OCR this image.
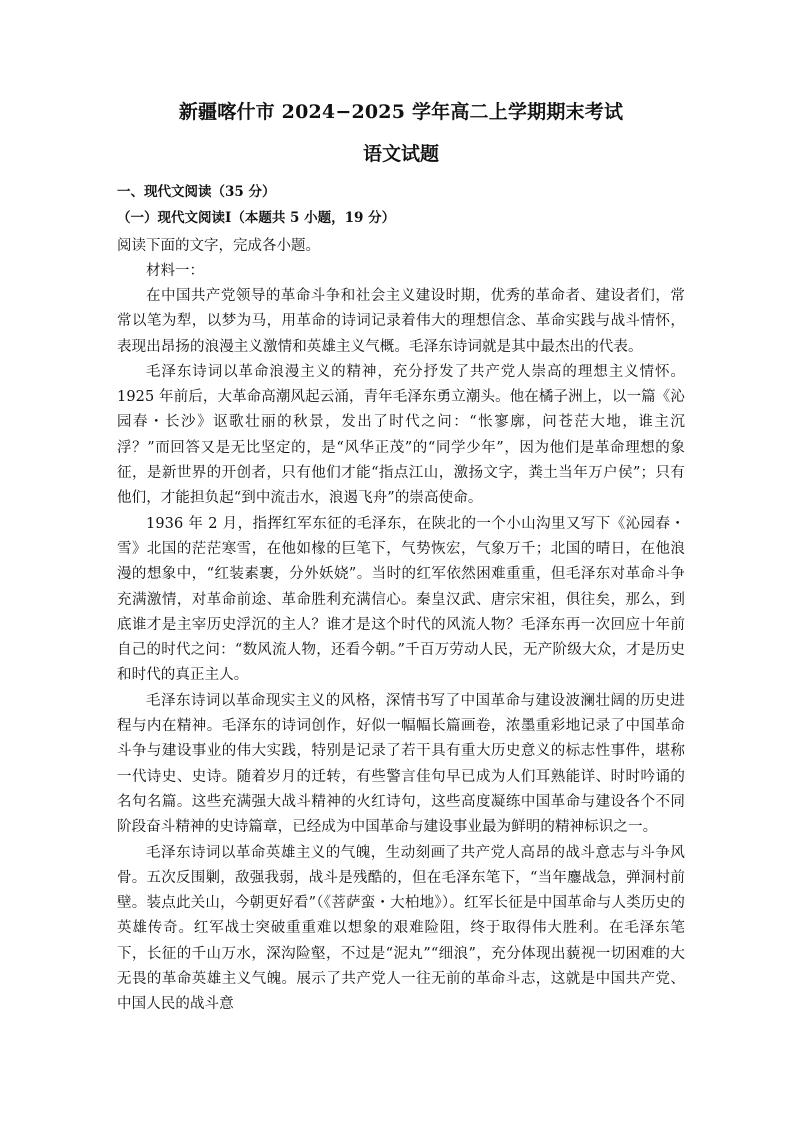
新疆喀什市 2024−2025 学年高二上学期期末考试
语文试题

一、现代文阅读（35 分）

（一）现代文阅读Ⅰ（本题共 5 小题，19 分）

阅读下面的文字，完成各小题。

材料一：

在中国共产党领导的革命斗争和社会主义建设时期，优秀的革命者、建设者们，常常以笔为犁，以梦为马，用革命的诗词记录着伟大的理想信念、革命实践与战斗情怀，表现出昂扬的浪漫主义激情和英雄主义气概。毛泽东诗词就是其中最杰出的代表。

毛泽东诗词以革命浪漫主义的精神，充分抒发了共产党人崇高的理想主义情怀。1925 年前后，大革命高潮风起云涌，青年毛泽东勇立潮头。他在橘子洲上，以一篇《沁园春・长沙》讴歌壮丽的秋景，发出了时代之问：“怅寥廓，问苍茫大地，谁主沉浮？”而回答又是无比坚定的，是“风华正茂”的“同学少年”，因为他们是革命理想的象征，是新世界的开创者，只有他们才能“指点江山，激扬文字，粪土当年万户侯”；只有他们，才能担负起“到中流击水，浪遏飞舟”的崇高使命。

1936 年 2 月，指挥红军东征的毛泽东，在陕北的一个小山沟里又写下《沁园春・雪》北国的茫茫寒雪，在他如椽的巨笔下，气势恢宏，气象万千；北国的晴日，在他浪漫的想象中，“红装素裹，分外妖娆”。当时的红军依然困难重重，但毛泽东对革命斗争充满激情，对革命前途、革命胜利充满信心。秦皇汉武、唐宗宋祖，俱往矣，那么，到底谁才是主宰历史浮沉的主人？谁才是这个时代的风流人物？毛泽东再一次回应十年前自己的时代之问：“数风流人物，还看今朝。”千百万劳动人民，无产阶级大众，才是历史和时代的真正主人。

毛泽东诗词以革命现实主义的风格，深情书写了中国革命与建设波澜壮阔的历史进程与内在精神。毛泽东的诗词创作，好似一幅幅长篇画卷，浓墨重彩地记录了中国革命斗争与建设事业的伟大实践，特别是记录了若干具有重大历史意义的标志性事件，堪称一代诗史、史诗。随着岁月的迁转，有些警言佳句早已成为人们耳熟能详、时时吟诵的名句名篇。这些充满强大战斗精神的火红诗句，这些高度凝练中国革命与建设各个不同阶段奋斗精神的史诗篇章，已经成为中国革命与建设事业最为鲜明的精神标识之一。

毛泽东诗词以革命英雄主义的气魄，生动刻画了共产党人高昂的战斗意志与斗争风骨。五次反围剿，敌强我弱，战斗是残酷的，但在毛泽东笔下，“当年鏖战急，弹洞村前壁。装点此关山，今朝更好看”（《菩萨蛮・大柏地》）。红军长征是中国革命与人类历史的英雄传奇。红军战士突破重重难以想象的艰难险阻，终于取得伟大胜利。在毛泽东笔下，长征的千山万水，深沟险壑，不过是“泥丸”“细浪”，充分体现出藐视一切困难的大无畏的革命英雄主义气魄。展示了共产党人一往无前的革命斗志，这就是中国共产党、中国人民的战斗意
